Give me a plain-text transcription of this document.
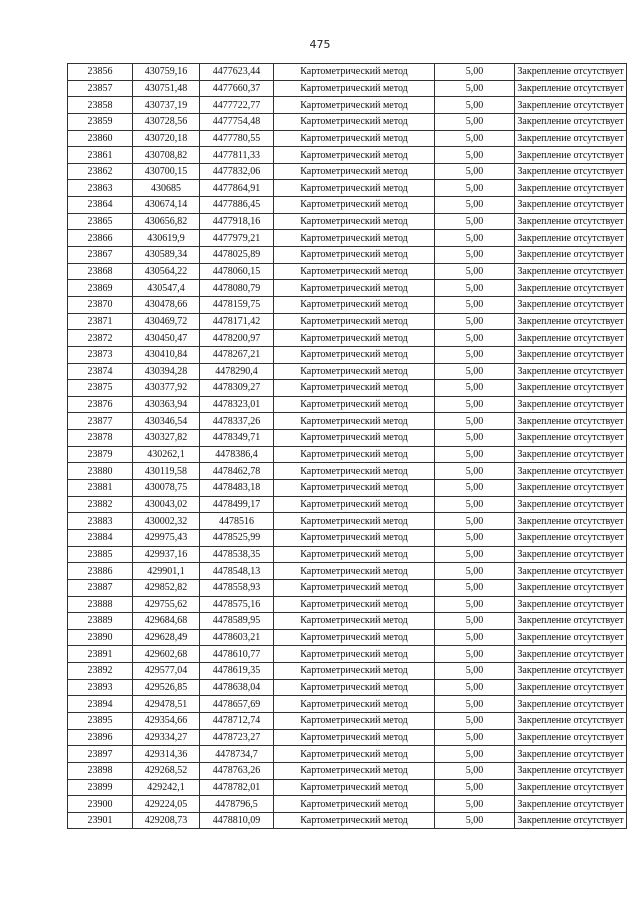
475
23856	430759,16	4477623,44	Картометрический метод	5,00	Закрепление отсутствует
23857	430751,48	4477660,37	Картометрический метод	5,00	Закрепление отсутствует
23858	430737,19	4477722,77	Картометрический метод	5,00	Закрепление отсутствует
23859	430728,56	4477754,48	Картометрический метод	5,00	Закрепление отсутствует
23860	430720,18	4477780,55	Картометрический метод	5,00	Закрепление отсутствует
23861	430708,82	4477811,33	Картометрический метод	5,00	Закрепление отсутствует
23862	430700,15	4477832,06	Картометрический метод	5,00	Закрепление отсутствует
23863	430685	4477864,91	Картометрический метод	5,00	Закрепление отсутствует
23864	430674,14	4477886,45	Картометрический метод	5,00	Закрепление отсутствует
23865	430656,82	4477918,16	Картометрический метод	5,00	Закрепление отсутствует
23866	430619,9	4477979,21	Картометрический метод	5,00	Закрепление отсутствует
23867	430589,34	4478025,89	Картометрический метод	5,00	Закрепление отсутствует
23868	430564,22	4478060,15	Картометрический метод	5,00	Закрепление отсутствует
23869	430547,4	4478080,79	Картометрический метод	5,00	Закрепление отсутствует
23870	430478,66	4478159,75	Картометрический метод	5,00	Закрепление отсутствует
23871	430469,72	4478171,42	Картометрический метод	5,00	Закрепление отсутствует
23872	430450,47	4478200,97	Картометрический метод	5,00	Закрепление отсутствует
23873	430410,84	4478267,21	Картометрический метод	5,00	Закрепление отсутствует
23874	430394,28	4478290,4	Картометрический метод	5,00	Закрепление отсутствует
23875	430377,92	4478309,27	Картометрический метод	5,00	Закрепление отсутствует
23876	430363,94	4478323,01	Картометрический метод	5,00	Закрепление отсутствует
23877	430346,54	4478337,26	Картометрический метод	5,00	Закрепление отсутствует
23878	430327,82	4478349,71	Картометрический метод	5,00	Закрепление отсутствует
23879	430262,1	4478386,4	Картометрический метод	5,00	Закрепление отсутствует
23880	430119,58	4478462,78	Картометрический метод	5,00	Закрепление отсутствует
23881	430078,75	4478483,18	Картометрический метод	5,00	Закрепление отсутствует
23882	430043,02	4478499,17	Картометрический метод	5,00	Закрепление отсутствует
23883	430002,32	4478516	Картометрический метод	5,00	Закрепление отсутствует
23884	429975,43	4478525,99	Картометрический метод	5,00	Закрепление отсутствует
23885	429937,16	4478538,35	Картометрический метод	5,00	Закрепление отсутствует
23886	429901,1	4478548,13	Картометрический метод	5,00	Закрепление отсутствует
23887	429852,82	4478558,93	Картометрический метод	5,00	Закрепление отсутствует
23888	429755,62	4478575,16	Картометрический метод	5,00	Закрепление отсутствует
23889	429684,68	4478589,95	Картометрический метод	5,00	Закрепление отсутствует
23890	429628,49	4478603,21	Картометрический метод	5,00	Закрепление отсутствует
23891	429602,68	4478610,77	Картометрический метод	5,00	Закрепление отсутствует
23892	429577,04	4478619,35	Картометрический метод	5,00	Закрепление отсутствует
23893	429526,85	4478638,04	Картометрический метод	5,00	Закрепление отсутствует
23894	429478,51	4478657,69	Картометрический метод	5,00	Закрепление отсутствует
23895	429354,66	4478712,74	Картометрический метод	5,00	Закрепление отсутствует
23896	429334,27	4478723,27	Картометрический метод	5,00	Закрепление отсутствует
23897	429314,36	4478734,7	Картометрический метод	5,00	Закрепление отсутствует
23898	429268,52	4478763,26	Картометрический метод	5,00	Закрепление отсутствует
23899	429242,1	4478782,01	Картометрический метод	5,00	Закрепление отсутствует
23900	429224,05	4478796,5	Картометрический метод	5,00	Закрепление отсутствует
23901	429208,73	4478810,09	Картометрический метод	5,00	Закрепление отсутствует
